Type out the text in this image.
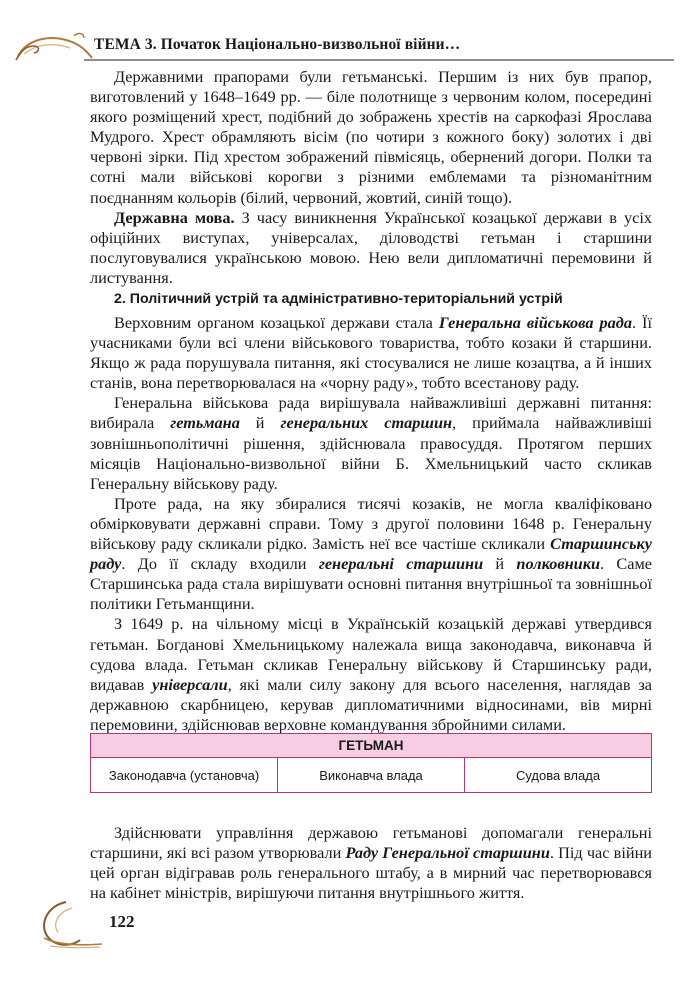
ТЕМА 3. Початок Національно-визвольної війни…

Державними прапорами були гетьманські. Першим із них був прапор, виготовлений у 1648–1649 рр. — біле полотнище з червоним колом, посередині якого розміщений хрест, подібний до зображень хрестів на саркофазі Ярослава Мудрого. Хрест обрамляють вісім (по чотири з кожного боку) золотих і дві червоні зірки. Під хрестом зображений півмісяць, обернений догори. Полки та сотні мали військові корогви з різними емблемами та різноманітним поєднанням кольорів (білий, червоний, жовтий, синій тощо).

Державна мова. З часу виникнення Української козацької держави в усіх офіційних виступах, універсалах, діловодстві гетьман і старшини послуговувалися українською мовою. Нею вели дипломатичні перемовини й листування.

2. Політичний устрій та адміністративно-територіальний устрій

Верховним органом козацької держави стала Генеральна військова рада. Її учасниками були всі члени військового товариства, тобто козаки й старшини. Якщо ж рада порушувала питання, які стосувалися не лише козацтва, а й інших станів, вона перетворювалася на «чорну раду», тобто всестанову раду.

Генеральна військова рада вирішувала найважливіші державні питання: вибирала гетьмана й генеральних старшин, приймала найважливіші зовнішньополітичні рішення, здійснювала правосуддя. Протягом перших місяців Національно-визвольної війни Б. Хмельницький часто скликав Генеральну військову раду.

Проте рада, на яку збиралися тисячі козаків, не могла кваліфіковано обмірковувати державні справи. Тому з другої половини 1648 р. Генеральну військову раду скликали рідко. Замість неї все частіше скликали Старшинську раду. До її складу входили генеральні старшини й полковники. Саме Старшинська рада стала вирішувати основні питання внутрішньої та зовнішньої політики Гетьманщини.

З 1649 р. на чільному місці в Українській козацькій державі утвердився гетьман. Богданові Хмельницькому належала вища законодавча, виконавча й судова влада. Гетьман скликав Генеральну військову й Старшинську ради, видавав універсали, які мали силу закону для всього населення, наглядав за державною скарбницею, керував дипломатичними відносинами, вів мирні перемовини, здійснював верховне командування збройними силами.

ГЕТЬМАН
Законодавча (установча)	Виконавча влада	Судова влада

Здійснювати управління державою гетьманові допомагали генеральні старшини, які всі разом утворювали Раду Генеральної старшини. Під час війни цей орган відігравав роль генерального штабу, а в мирний час перетворювався на кабінет міністрів, вирішуючи питання внутрішнього життя.

122
